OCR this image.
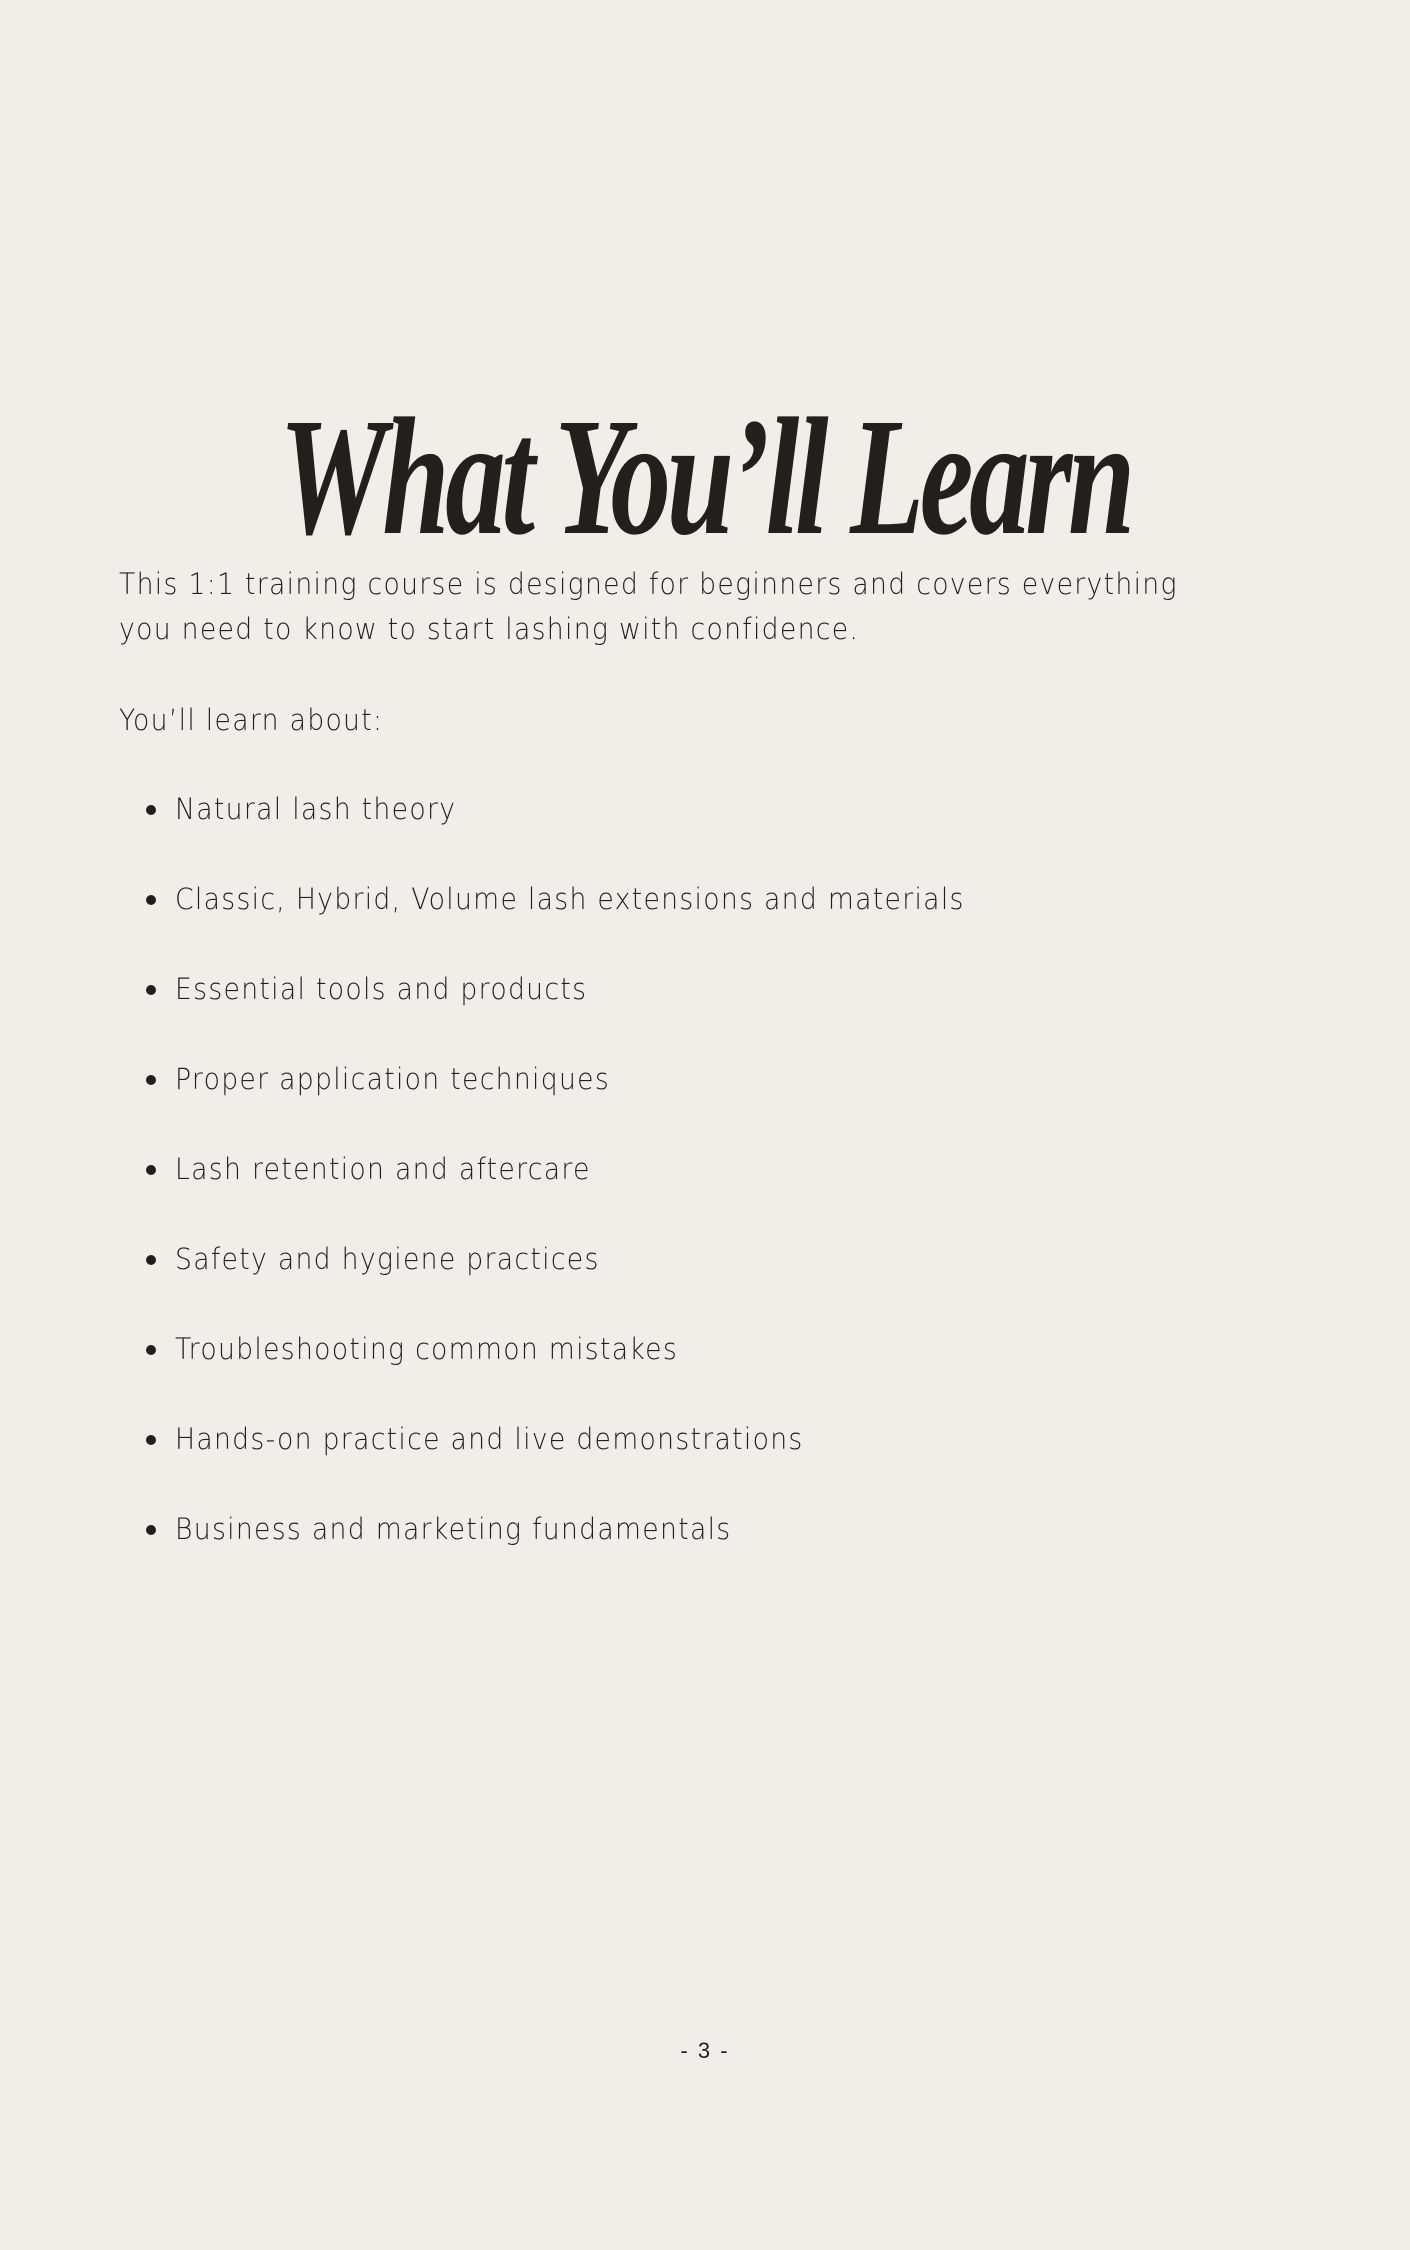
What You’ll Learn
This 1:1 training course is designed for beginners and covers everything
you need to know to start lashing with confidence.
You’ll learn about:
Natural lash theory
Classic, Hybrid, Volume lash extensions and materials
Essential tools and products
Proper application techniques
Lash retention and aftercare
Safety and hygiene practices
Troubleshooting common mistakes
Hands-on practice and live demonstrations
Business and marketing fundamentals
- 3 -
